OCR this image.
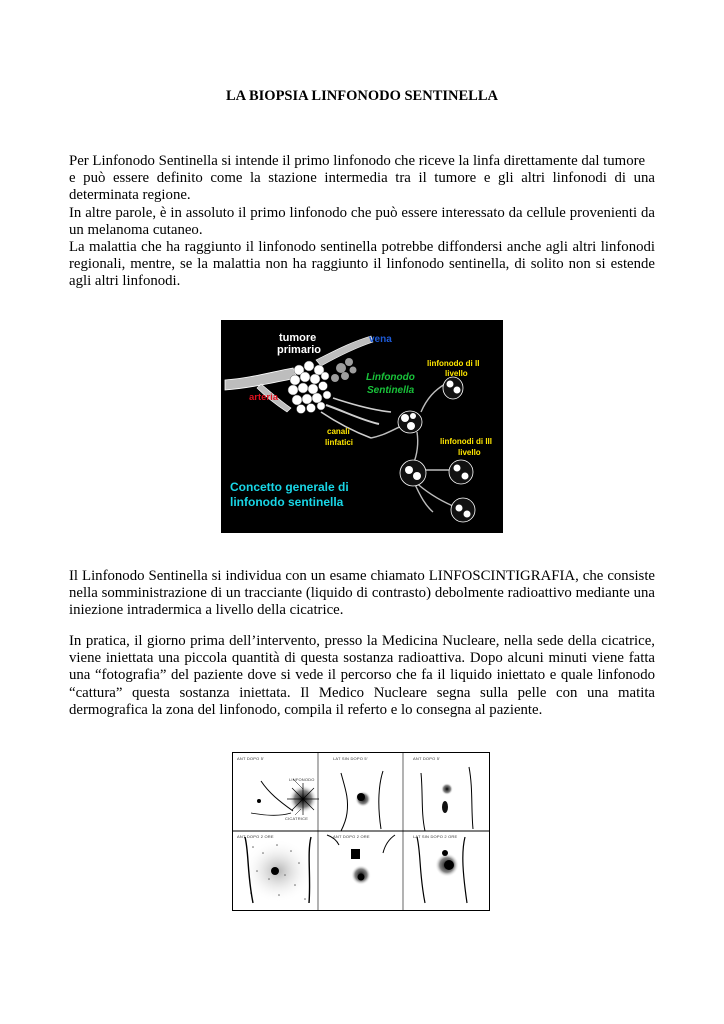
LA BIOPSIA LINFONODO SENTINELLA

Per Linfonodo Sentinella si intende il primo linfonodo che riceve la linfa direttamente dal tumore

e può essere definito come la stazione intermedia tra il tumore e gli altri linfonodi di una determinata regione.

In altre parole, è in assoluto il primo linfonodo che può essere interessato da cellule provenienti da un melanoma cutaneo.

La malattia che ha raggiunto il linfonodo sentinella potrebbe diffondersi anche agli altri linfonodi regionali, mentre, se la malattia non ha raggiunto il linfonodo sentinella, di solito non si estende agli altri linfonodi.

tumore
primario
vena
arteria
Linfonodo
Sentinella
canali
linfatici
linfonodo di II
livello
linfonodi di III
livello
Concetto generale di
linfonodo sentinella
Il Linfonodo Sentinella si individua con un esame chiamato LINFOSCINTIGRAFIA, che consiste nella somministrazione di un tracciante (liquido di contrasto) debolmente radioattivo mediante una iniezione intradermica a livello della cicatrice.
In pratica, il giorno prima dell’intervento, presso la Medicina Nucleare, nella sede della cicatrice, viene iniettata una piccola quantità di questa sostanza radioattiva. Dopo alcuni minuti viene fatta una “fotografia” del paziente dove si vede il percorso che fa il liquido iniettato e quale linfonodo “cattura” questa sostanza iniettata. Il Medico Nucleare segna sulla pelle con una matita dermografica la zona del linfonodo, compila il referto e lo consegna al paziente.
ANT DOPO 5'	LAT SIN DOPO 5'	ANT DOPO 5'
ANT DOPO 2 ORE	ANT DOPO 2 ORE	LAT SIN DOPO 2 ORE
LINFONODO
CICATRICE
